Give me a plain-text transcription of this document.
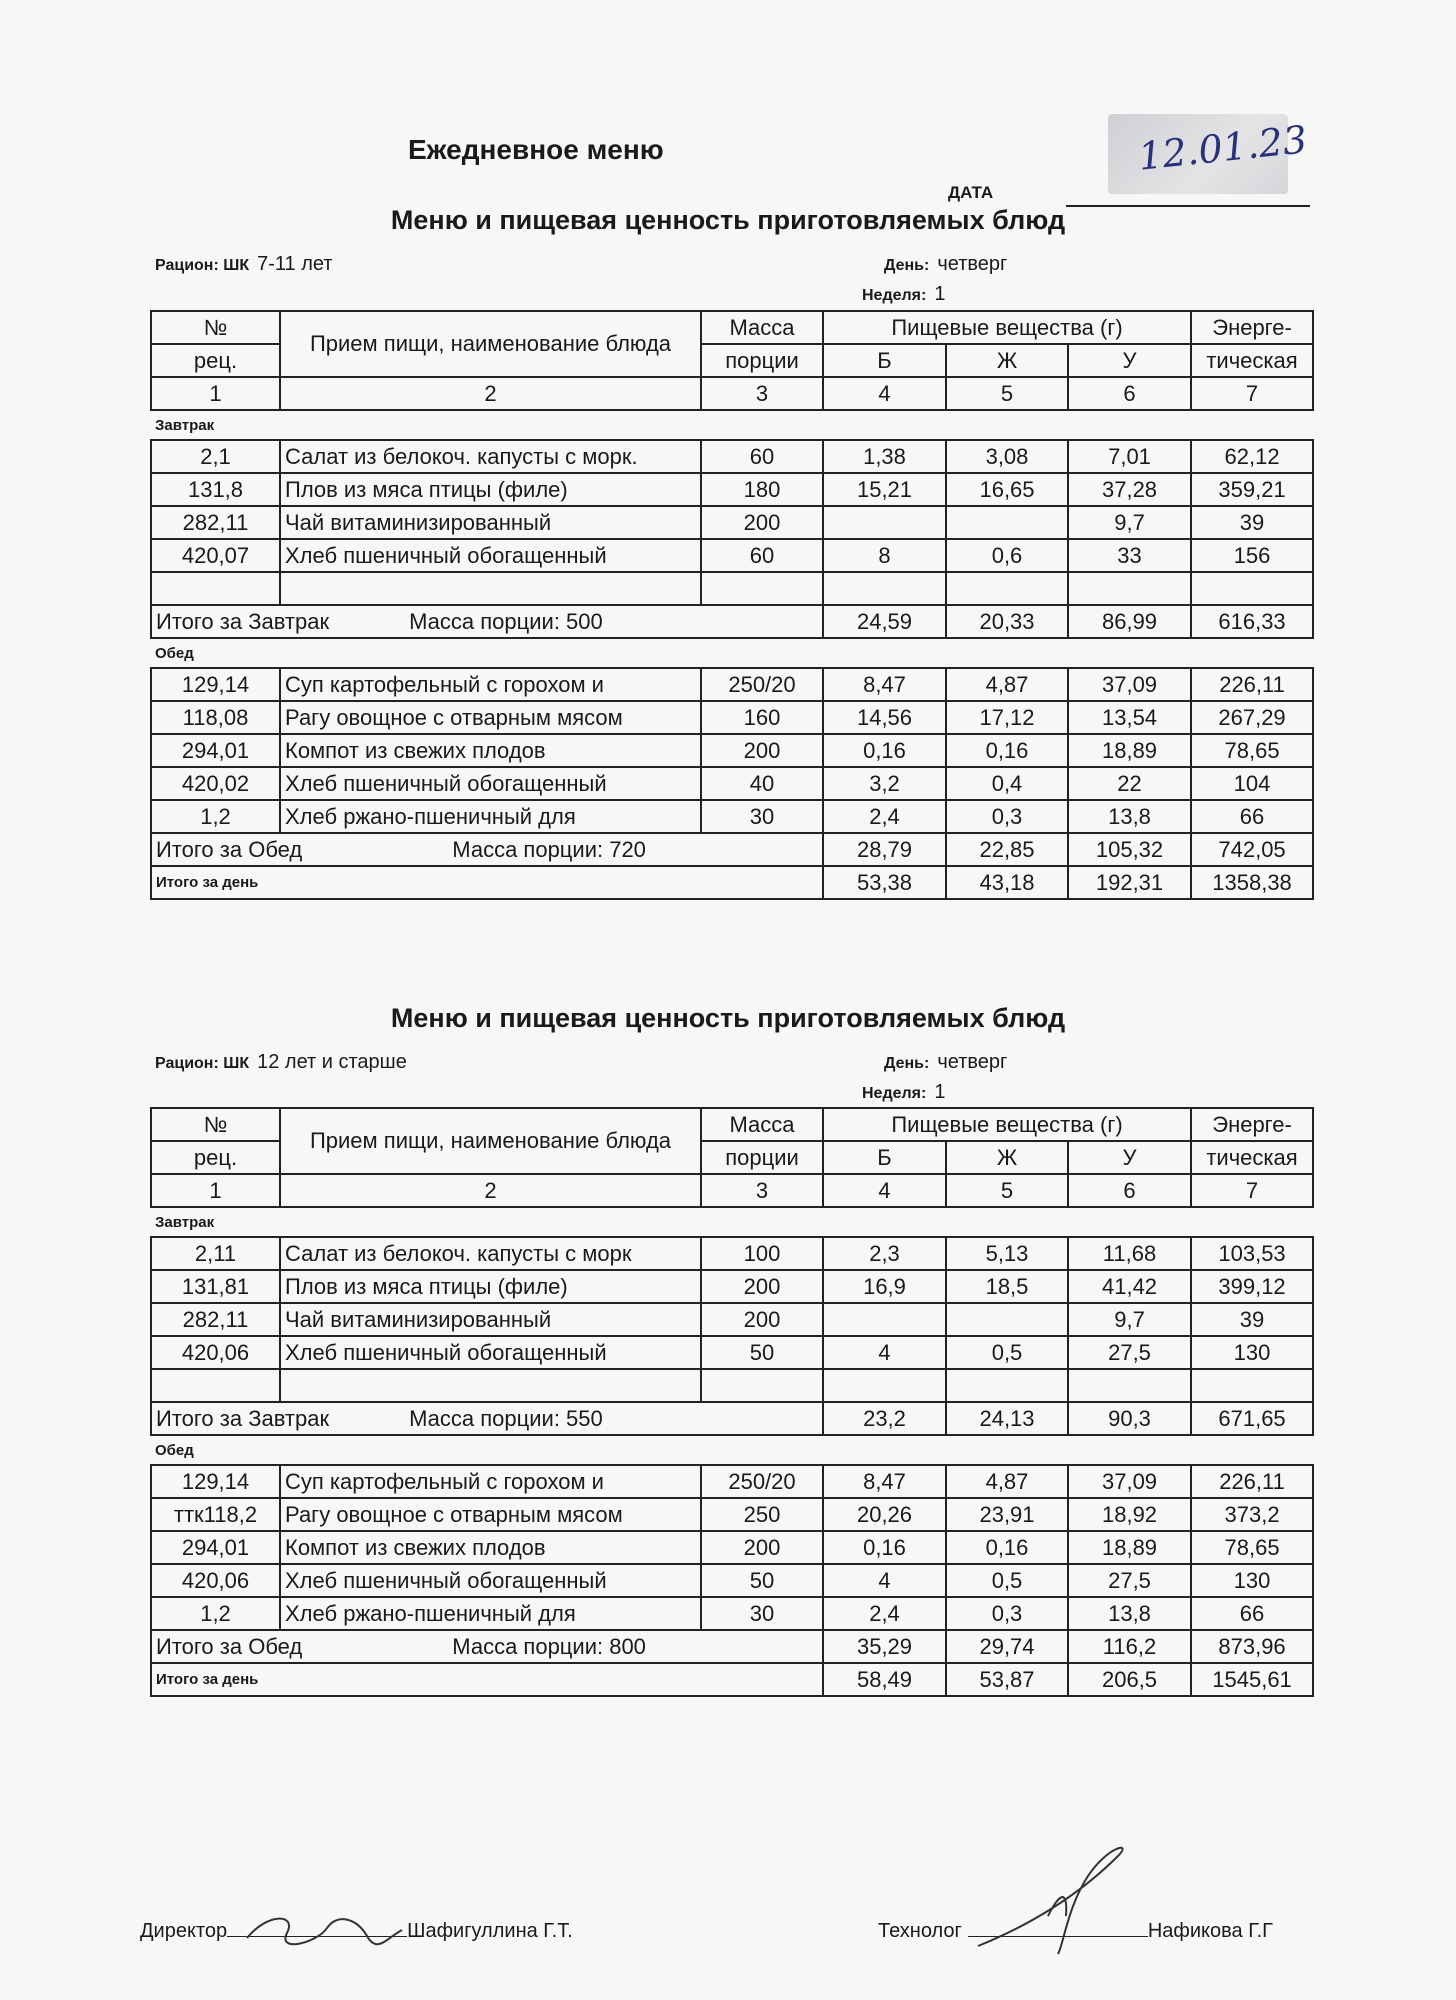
Ежедневное меню	12.01.23
ДАТА
Меню и пищевая ценность приготовляемых блюд
Рацион: ШК 7-11 лет	День: четверг
Неделя: 1
№	Прием пищи, наименование блюда	Масса	Пищевые вещества (г)			Энерге-
рец.		порции	Б	Ж	У	тическая
1	2	3	4	5	6	7
Завтрак						
2,1	Салат из белокоч. капусты с морк.	60	1,38	3,08	7,01	62,12
131,8	Плов из мяса птицы (филе)	180	15,21	16,65	37,28	359,21
282,11	Чай витаминизированный	200			9,7	39
420,07	Хлеб пшеничный обогащенный	60	8	0,6	33	156

Итого за Завтрак Масса порции: 500			24,59	20,33	86,99	616,33
Обед						
129,14	Суп картофельный с горохом и	250/20	8,47	4,87	37,09	226,11
118,08	Рагу овощное с отварным мясом	160	14,56	17,12	13,54	267,29
294,01	Компот из свежих плодов	200	0,16	0,16	18,89	78,65
420,02	Хлеб пшеничный обогащенный	40	3,2	0,4	22	104
1,2	Хлеб ржано-пшеничный для	30	2,4	0,3	13,8	66
Итого за Обед Масса порции: 720			28,79	22,85	105,32	742,05
Итого за день			53,38	43,18	192,31	1358,38
Меню и пищевая ценность приготовляемых блюд
Рацион: ШК 12 лет и старше	День: четверг
Неделя: 1
№	Прием пищи, наименование блюда	Масса	Пищевые вещества (г)			Энерге-
рец.		порции	Б	Ж	У	тическая
1	2	3	4	5	6	7
Завтрак						
2,11	Салат из белокоч. капусты с морк	100	2,3	5,13	11,68	103,53
131,81	Плов из мяса птицы (филе)	200	16,9	18,5	41,42	399,12
282,11	Чай витаминизированный	200			9,7	39
420,06	Хлеб пшеничный обогащенный	50	4	0,5	27,5	130

Итого за Завтрак Масса порции: 550			23,2	24,13	90,3	671,65
Обед						
129,14	Суп картофельный с горохом и	250/20	8,47	4,87	37,09	226,11
ттк118,2	Рагу овощное с отварным мясом	250	20,26	23,91	18,92	373,2
294,01	Компот из свежих плодов	200	0,16	0,16	18,89	78,65
420,06	Хлеб пшеничный обогащенный	50	4	0,5	27,5	130
1,2	Хлеб ржано-пшеничный для	30	2,4	0,3	13,8	66
Итого за Обед Масса порции: 800			35,29	29,74	116,2	873,96
Итого за день			58,49	53,87	206,5	1545,61
Директор	Шафигуллина Г.Т.	Технолог	Нафикова Г.Г
